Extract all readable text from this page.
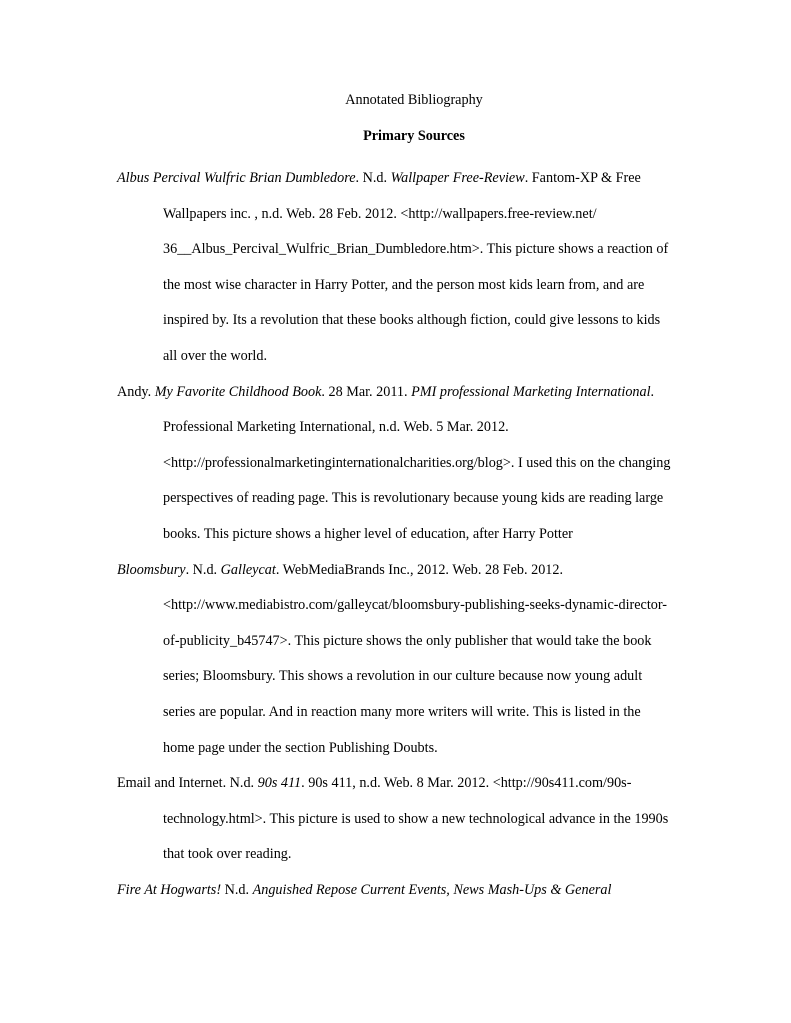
Annotated Bibliography

Primary Sources

Albus Percival Wulfric Brian Dumbledore. N.d. Wallpaper Free-Review. Fantom-XP & Free
Wallpapers inc. , n.d. Web. 28 Feb. 2012. <http://wallpapers.free-review.net/
36__Albus_Percival_Wulfric_Brian_Dumbledore.htm>. This picture shows a reaction of
the most wise character in Harry Potter, and the person most kids learn from, and are
inspired by. Its a revolution that these books although fiction, could give lessons to kids
all over the world.

Andy. My Favorite Childhood Book. 28 Mar. 2011. PMI professional Marketing International.
Professional Marketing International, n.d. Web. 5 Mar. 2012.
<http://professionalmarketinginternationalcharities.org/blog>. I used this on the changing
perspectives of reading page. This is revolutionary because young kids are reading large
books. This picture shows a higher level of education, after Harry Potter

Bloomsbury. N.d. Galleycat. WebMediaBrands Inc., 2012. Web. 28 Feb. 2012.
<http://www.mediabistro.com/galleycat/bloomsbury-publishing-seeks-dynamic-director-
of-publicity_b45747>. This picture shows the only publisher that would take the book
series; Bloomsbury. This shows a revolution in our culture because now young adult
series are popular. And in reaction many more writers will write. This is listed in the
home page under the section Publishing Doubts.

Email and Internet. N.d. 90s 411. 90s 411, n.d. Web. 8 Mar. 2012. <http://90s411.com/90s-
technology.html>. This picture is used to show a new technological advance in the 1990s
that took over reading.

Fire At Hogwarts! N.d. Anguished Repose Current Events, News Mash-Ups & General
